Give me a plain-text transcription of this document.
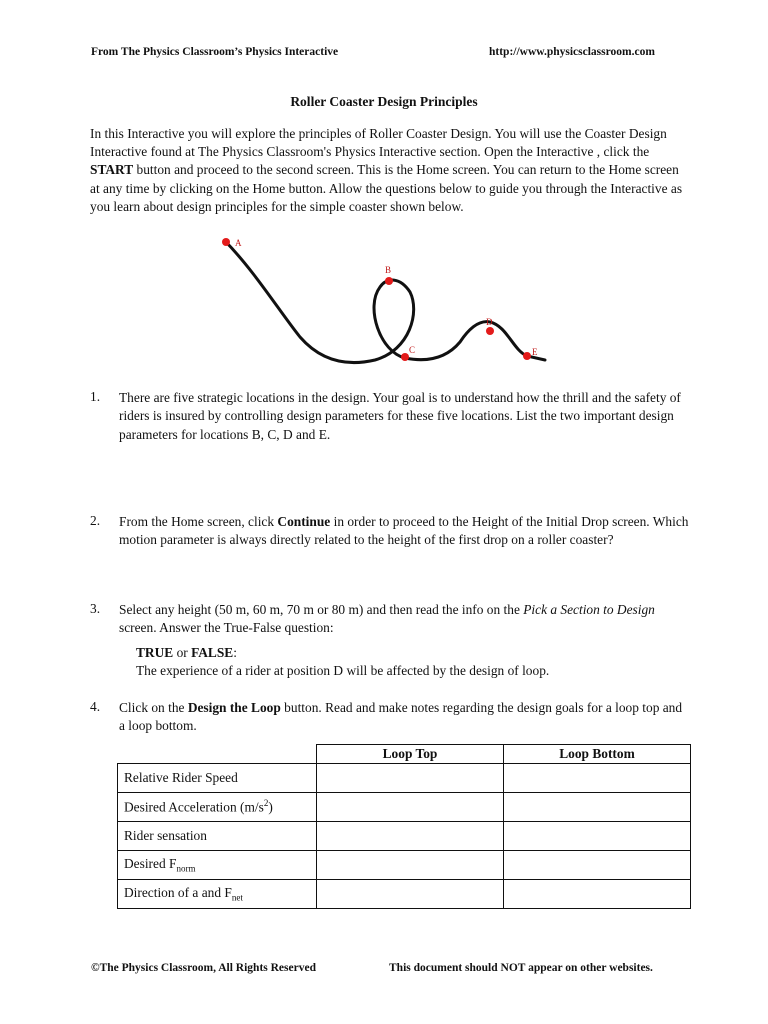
From The Physics Classroom’s Physics Interactive	http://www.physicsclassroom.com
Roller Coaster Design Principles
In this Interactive you will explore the principles of Roller Coaster Design. You will use the Coaster Design Interactive found at The Physics Classroom's Physics Interactive section. Open the Interactive , click the START button and proceed to the second screen. This is the Home screen. You can return to the Home screen at any time by clicking on the Home button. Allow the questions below to guide you through the Interactive as you learn about design principles for the simple coaster shown below.
A
B
C
D
E
1. There are five strategic locations in the design. Your goal is to understand how the thrill and the safety of riders is insured by controlling design parameters for these five locations. List the two important design parameters for locations B, C, D and E.
2. From the Home screen, click Continue in order to proceed to the Height of the Initial Drop screen. Which motion parameter is always directly related to the height of the first drop on a roller coaster?
3. Select any height (50 m, 60 m, 70 m or 80 m) and then read the info on the Pick a Section to Design screen. Answer the True-False question:
TRUE or FALSE:
The experience of a rider at position D will be affected by the design of loop.
4. Click on the Design the Loop button. Read and make notes regarding the design goals for a loop top and a loop bottom.
	Loop Top	Loop Bottom
Relative Rider Speed		
Desired Acceleration $(m/s^2)$		
Rider sensation		
Desired $F_{norm}$		
Direction of a and $F_{net}$		
©The Physics Classroom, All Rights Reserved	This document should NOT appear on other websites.
